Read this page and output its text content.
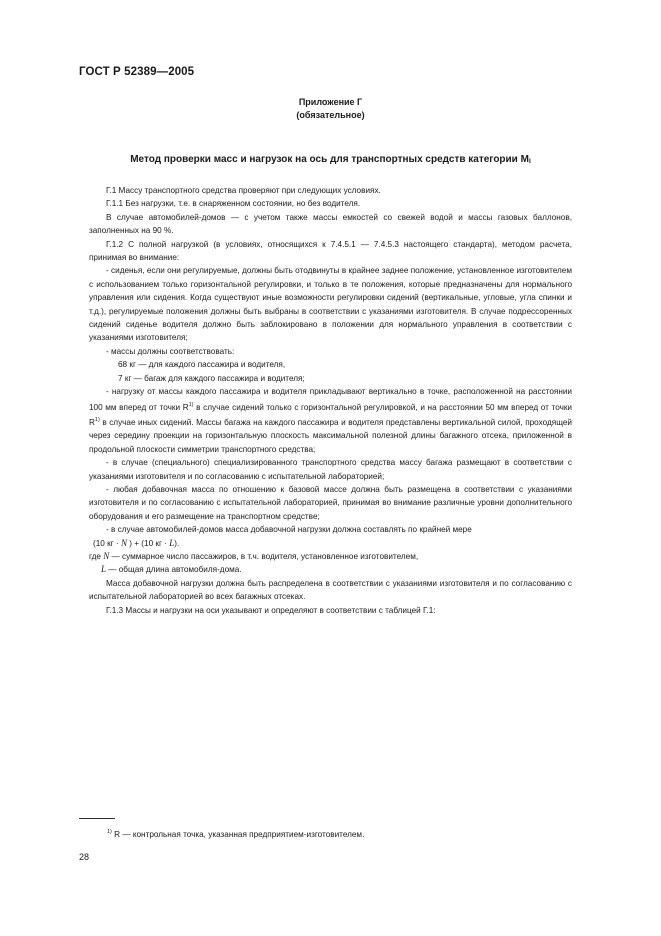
ГОСТ Р 52389—2005
Приложение Г
(обязательное)
Метод проверки масс и нагрузок на ось для транспортных средств категории $M_I$

Г.1 Массу транспортного средства проверяют при следующих условиях.

Г.1.1 Без нагрузки, т.е. в снаряженном состоянии, но без водителя.

В случае автомобилей-домов — с учетом также массы емкостей со свежей водой и массы газовых баллонов, заполненных на 90 %.

Г.1.2 С полной нагрузкой (в условиях, относящихся к 7.4.5.1 — 7.4.5.3 настоящего стандарта), методом расчета, принимая во внимание:

- сиденья, если они регулируемые, должны быть отодвинуты в крайнее заднее положение, установленное изготовителем с использованием только горизонтальной регулировки, и только в те положения, которые предназначены для нормального управления или сидения. Когда существуют иные возможности регулировки сидений (вертикальные, угловые, угла спинки и т.д.), регулируемые положения должны быть выбраны в соответствии с указаниями изготовителя. В случае подрессоренных сидений сиденье водителя должно быть заблокировано в положении для нормального управления в соответствии с указаниями изготовителя;

- массы должны соответствовать:

68 кг — для каждого пассажира и водителя,

7 кг — багаж для каждого пассажира и водителя;

- нагрузку от массы каждого пассажира и водителя прикладывают вертикально в точке, расположенной на расстоянии 100 мм вперед от точки $R^{1)}$ в случае сидений только с горизонтальной регулировкой, и на расстоянии 50 мм вперед от точки $R^{1)}$ в случае иных сидений. Массы багажа на каждого пассажира и водителя представлены вертикальной силой, проходящей через середину проекции на горизонтальную плоскость максимальной полезной длины багажного отсека, приложенной в продольной плоскости симметрии транспортного средства;

- в случае (специального) специализированного транспортного средства массу багажа размещают в соответствии с указаниями изготовителя и по согласованию с испытательной лабораторией;

- любая добавочная масса по отношению к базовой массе должна быть размещена в соответствии с указаниями изготовителя и по согласованию с испытательной лабораторией, принимая во внимание различные уровни дополнительного оборудования и его размещение на транспортном средстве;

- в случае автомобилей-домов масса добавочной нагрузки должна составлять по крайней мере

(10 кг · N ) + (10 кг · L).

где N — суммарное число пассажиров, в т.ч. водителя, установленное изготовителем,

L — общая длина автомобиля-дома.

Масса добавочной нагрузки должна быть распределена в соответствии с указаниями изготовителя и по согласованию с испытательной лабораторией во всех багажных отсеках.

Г.1.3 Массы и нагрузки на оси указывают и определяют в соответствии с таблицей Г.1:

$^{1)}$ R — контрольная точка, указанная предприятием-изготовителем.
28
